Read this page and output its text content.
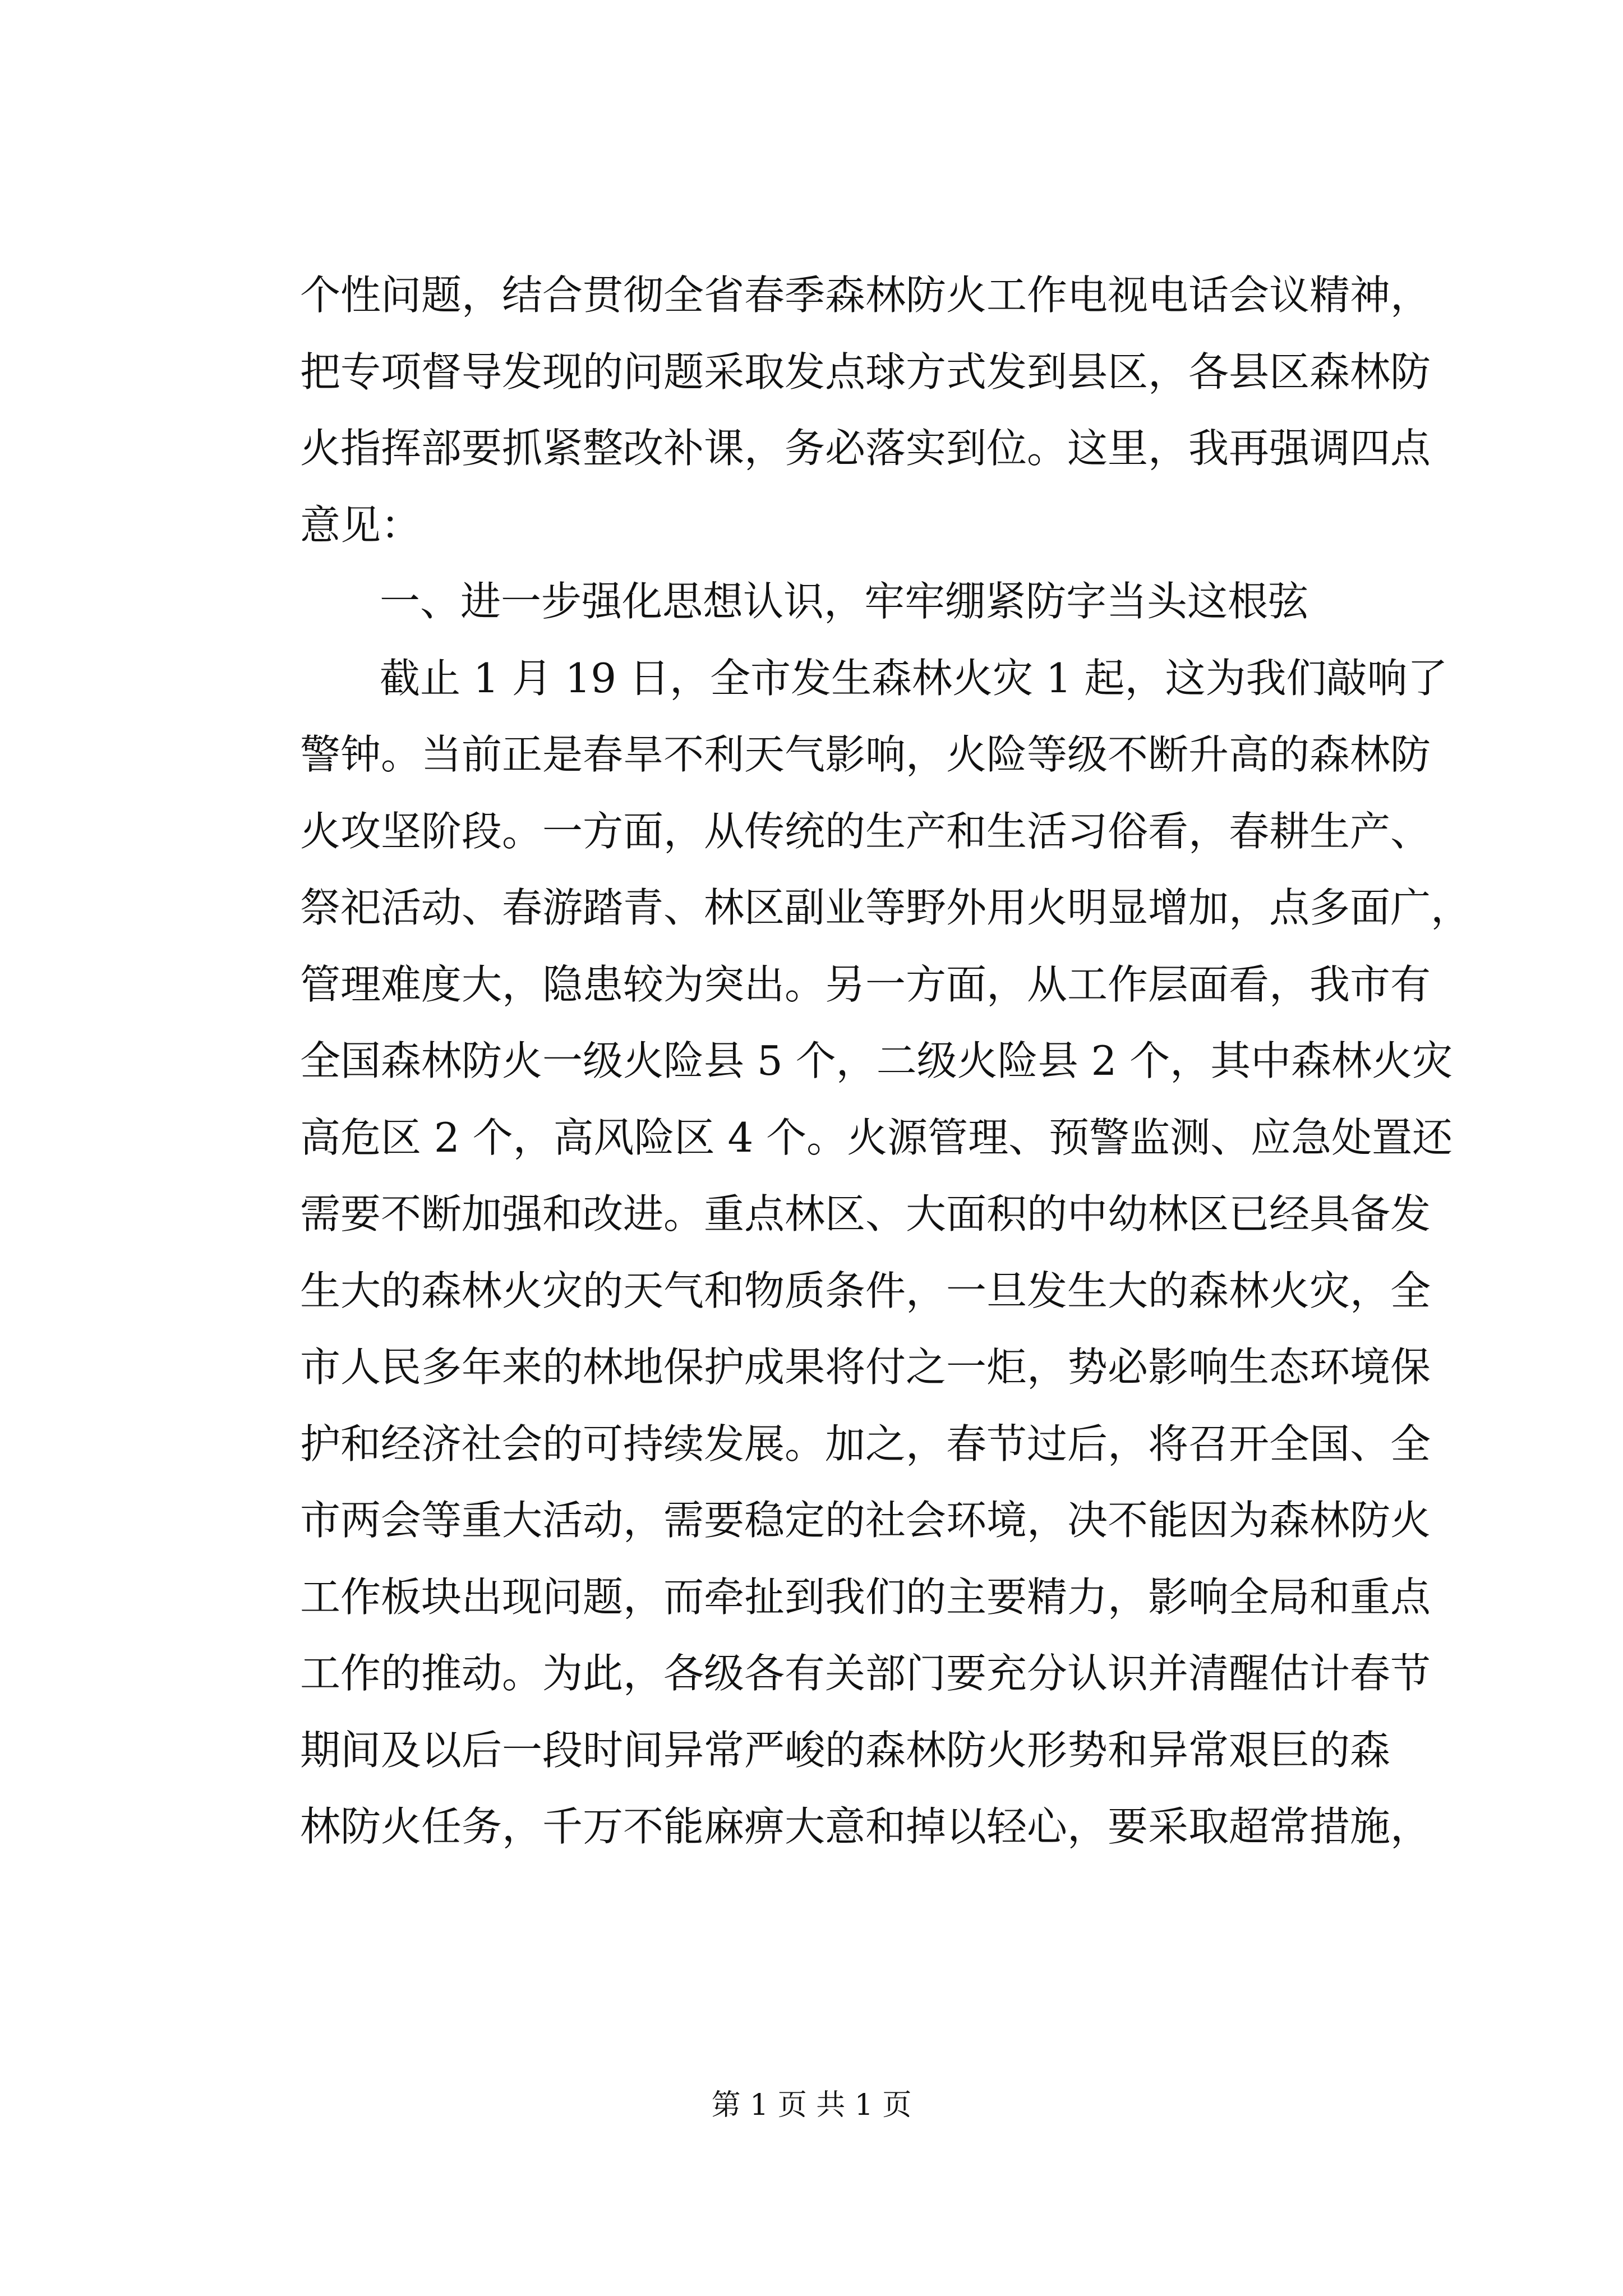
个性问题，结合贯彻全省春季森林防火工作电视电话会议精神，
把专项督导发现的问题采取发点球方式发到县区，各县区森林防
火指挥部要抓紧整改补课，务必落实到位。这里，我再强调四点
意见：
一、进一步强化思想认识，牢牢绷紧防字当头这根弦
截止 1 月 19 日，全市发生森林火灾 1 起，这为我们敲响了
警钟。当前正是春旱不利天气影响，火险等级不断升高的森林防
火攻坚阶段。一方面，从传统的生产和生活习俗看，春耕生产、
祭祀活动、春游踏青、林区副业等野外用火明显增加，点多面广，
管理难度大，隐患较为突出。另一方面，从工作层面看，我市有
全国森林防火一级火险县 5 个，二级火险县 2 个，其中森林火灾
高危区 2 个，高风险区 4 个。火源管理、预警监测、应急处置还
需要不断加强和改进。重点林区、大面积的中幼林区已经具备发
生大的森林火灾的天气和物质条件，一旦发生大的森林火灾，全
市人民多年来的林地保护成果将付之一炬，势必影响生态环境保
护和经济社会的可持续发展。加之，春节过后，将召开全国、全
市两会等重大活动，需要稳定的社会环境，决不能因为森林防火
工作板块出现问题，而牵扯到我们的主要精力，影响全局和重点
工作的推动。为此，各级各有关部门要充分认识并清醒估计春节
期间及以后一段时间异常严峻的森林防火形势和异常艰巨的森
林防火任务，千万不能麻痹大意和掉以轻心，要采取超常措施，
第 1 页 共 1 页
